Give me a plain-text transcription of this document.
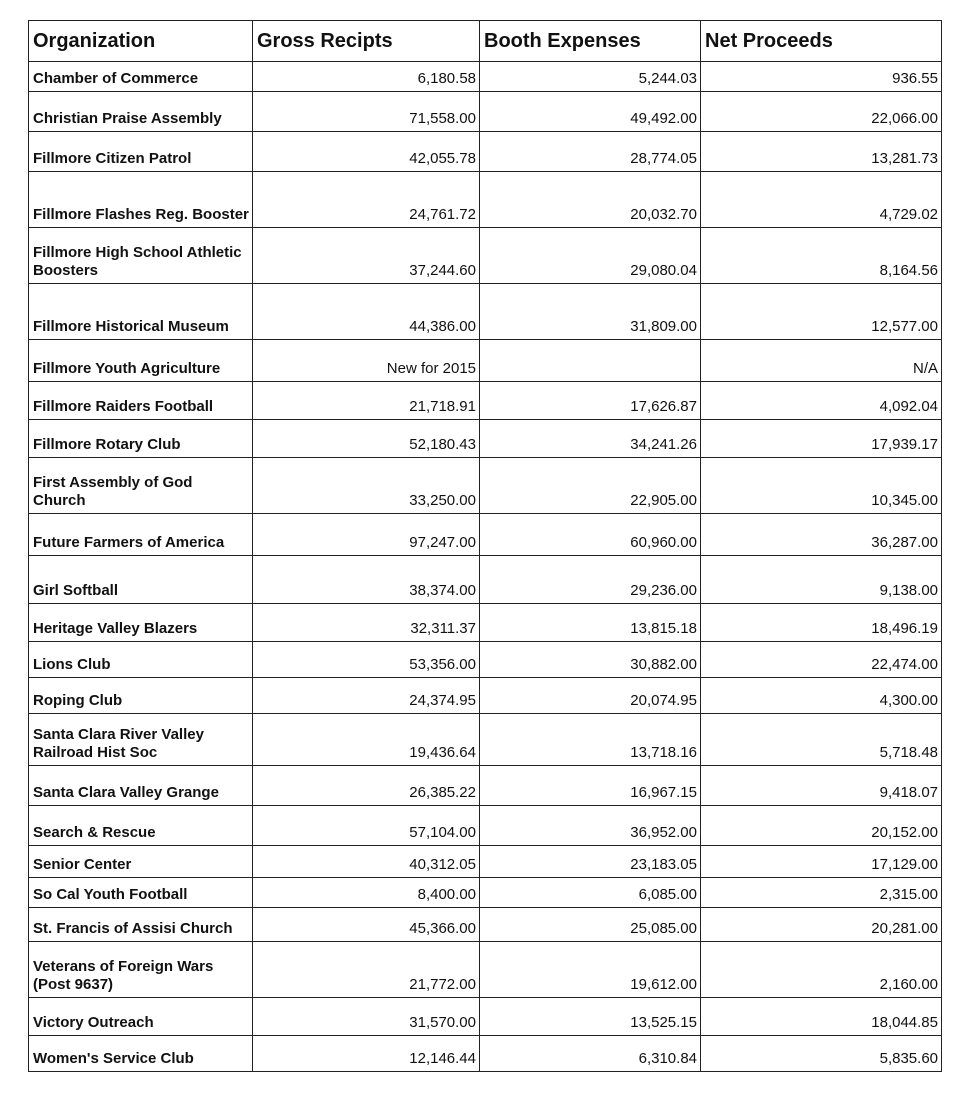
Organization	Gross Recipts	Booth Expenses	Net Proceeds
Chamber of Commerce	6,180.58	5,244.03	936.55
Christian Praise Assembly	71,558.00	49,492.00	22,066.00
Fillmore Citizen Patrol	42,055.78	28,774.05	13,281.73
Fillmore Flashes Reg. Booster	24,761.72	20,032.70	4,729.02
Fillmore High School Athletic Boosters	37,244.60	29,080.04	8,164.56
Fillmore Historical Museum	44,386.00	31,809.00	12,577.00
Fillmore Youth Agriculture	New for 2015		N/A
Fillmore Raiders Football	21,718.91	17,626.87	4,092.04
Fillmore Rotary Club	52,180.43	34,241.26	17,939.17
First Assembly of God Church	33,250.00	22,905.00	10,345.00
Future Farmers of America	97,247.00	60,960.00	36,287.00
Girl Softball	38,374.00	29,236.00	9,138.00
Heritage Valley Blazers	32,311.37	13,815.18	18,496.19
Lions Club	53,356.00	30,882.00	22,474.00
Roping Club	24,374.95	20,074.95	4,300.00
Santa Clara River Valley Railroad Hist Soc	19,436.64	13,718.16	5,718.48
Santa Clara Valley Grange	26,385.22	16,967.15	9,418.07
Search & Rescue	57,104.00	36,952.00	20,152.00
Senior Center	40,312.05	23,183.05	17,129.00
So Cal Youth Football	8,400.00	6,085.00	2,315.00
St. Francis of Assisi Church	45,366.00	25,085.00	20,281.00
Veterans of Foreign Wars (Post 9637)	21,772.00	19,612.00	2,160.00
Victory Outreach	31,570.00	13,525.15	18,044.85
Women's Service Club	12,146.44	6,310.84	5,835.60
